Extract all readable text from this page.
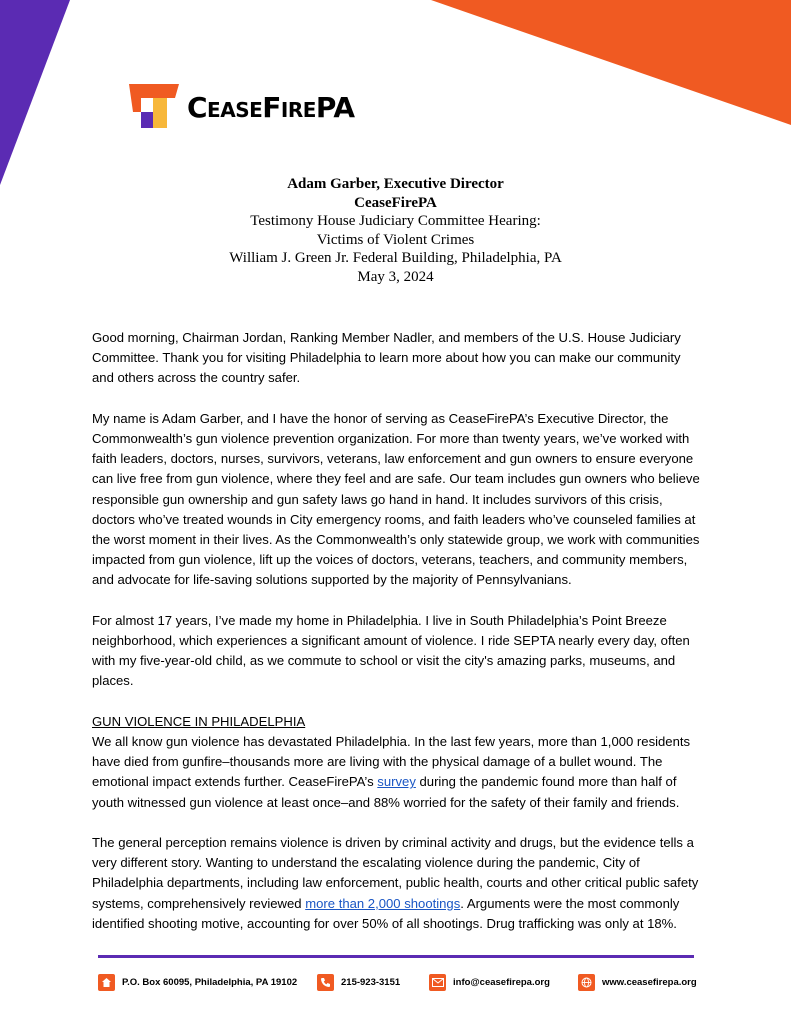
CeaseFirePA
Adam Garber, Executive Director
CeaseFirePA
Testimony House Judiciary Committee Hearing:
Victims of Violent Crimes
William J. Green Jr. Federal Building, Philadelphia, PA
May 3, 2024

Good morning, Chairman Jordan, Ranking Member Nadler, and members of the U.S. House Judiciary Committee. Thank you for visiting Philadelphia to learn more about how you can make our community and others across the country safer.

My name is Adam Garber, and I have the honor of serving as CeaseFirePA’s Executive Director, the Commonwealth’s gun violence prevention organization. For more than twenty years, we’ve worked with faith leaders, doctors, nurses, survivors, veterans, law enforcement and gun owners to ensure everyone can live free from gun violence, where they feel and are safe. Our team includes gun owners who believe responsible gun ownership and gun safety laws go hand in hand. It includes survivors of this crisis, doctors who’ve treated wounds in City emergency rooms, and faith leaders who’ve counseled families at the worst moment in their lives. As the Commonwealth’s only statewide group, we work with communities impacted from gun violence, lift up the voices of doctors, veterans, teachers, and community members, and advocate for life-saving solutions supported by the majority of Pennsylvanians.

For almost 17 years, I’ve made my home in Philadelphia. I live in South Philadelphia’s Point Breeze neighborhood, which experiences a significant amount of violence. I ride SEPTA nearly every day, often with my five-year-old child, as we commute to school or visit the city's amazing parks, museums, and places.

GUN VIOLENCE IN PHILADELPHIA

We all know gun violence has devastated Philadelphia. In the last few years, more than 1,000 residents have died from gunfire–thousands more are living with the physical damage of a bullet wound. The emotional impact extends further. CeaseFirePA’s survey during the pandemic found more than half of youth witnessed gun violence at least once–and 88% worried for the safety of their family and friends.

The general perception remains violence is driven by criminal activity and drugs, but the evidence tells a very different story. Wanting to understand the escalating violence during the pandemic, City of Philadelphia departments, including law enforcement, public health, courts and other critical public safety systems, comprehensively reviewed more than 2,000 shootings. Arguments were the most commonly identified shooting motive, accounting for over 50% of all shootings. Drug trafficking was only at 18%.

P.O. Box 60095, Philadelphia, PA 19102	215-923-3151	info@ceasefirepa.org	www.ceasefirepa.org
